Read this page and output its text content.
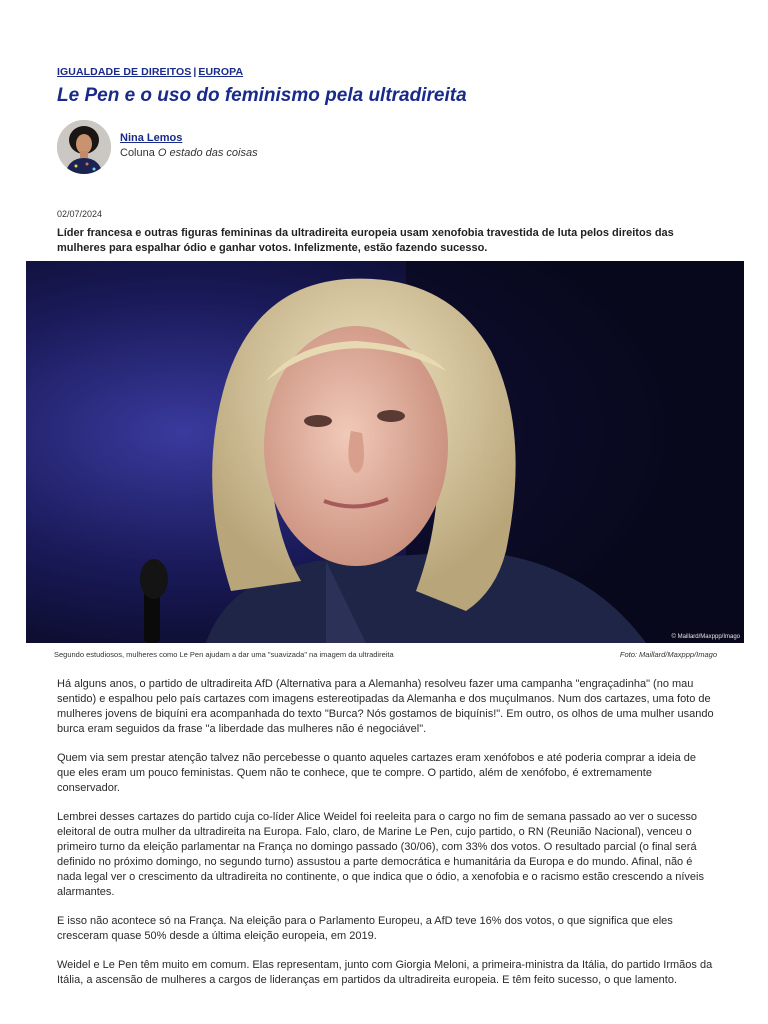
IGUALDADE DE DIREITOS | EUROPA
Le Pen e o uso do feminismo pela ultradireita
Nina Lemos
Coluna O estado das coisas
02/07/2024
Líder francesa e outras figuras femininas da ultradireita europeia usam xenofobia travestida de luta pelos direitos das mulheres para espalhar ódio e ganhar votos. Infelizmente, estão fazendo sucesso.
© Maillard/Maxppp/Imago
Segundo estudiosos, mulheres como Le Pen ajudam a dar uma "suavizada" na imagem da ultradireita	Foto: Maillard/Maxppp/Imago

Há alguns anos, o partido de ultradireita AfD (Alternativa para a Alemanha) resolveu fazer uma campanha "engraçadinha" (no mau sentido) e espalhou pelo país cartazes com imagens estereotipadas da Alemanha e dos muçulmanos. Num dos cartazes, uma foto de mulheres jovens de biquíni era acompanhada do texto "Burca? Nós gostamos de biquínis!". Em outro, os olhos de uma mulher usando burca eram seguidos da frase "a liberdade das mulheres não é negociável".

Quem via sem prestar atenção talvez não percebesse o quanto aqueles cartazes eram xenófobos e até poderia comprar a ideia de que eles eram um pouco feministas. Quem não te conhece, que te compre. O partido, além de xenófobo, é extremamente conservador.

Lembrei desses cartazes do partido cuja co-líder Alice Weidel foi reeleita para o cargo no fim de semana passado ao ver o sucesso eleitoral de outra mulher da ultradireita na Europa. Falo, claro, de Marine Le Pen, cujo partido, o RN (Reunião Nacional), venceu o primeiro turno da eleição parlamentar na França no domingo passado (30/06), com 33% dos votos. O resultado parcial (o final será definido no próximo domingo, no segundo turno) assustou a parte democrática e humanitária da Europa e do mundo. Afinal, não é nada legal ver o crescimento da ultradireita no continente, o que indica que o ódio, a xenofobia e o racismo estão crescendo a níveis alarmantes.

E isso não acontece só na França. Na eleição para o Parlamento Europeu, a AfD teve 16% dos votos, o que significa que eles cresceram quase 50% desde a última eleição europeia, em 2019.

Weidel e Le Pen têm muito em comum. Elas representam, junto com Giorgia Meloni, a primeira-ministra da Itália, do partido Irmãos da Itália, a ascensão de mulheres a cargos de lideranças em partidos da ultradireita europeia. E têm feito sucesso, o que lamento.
